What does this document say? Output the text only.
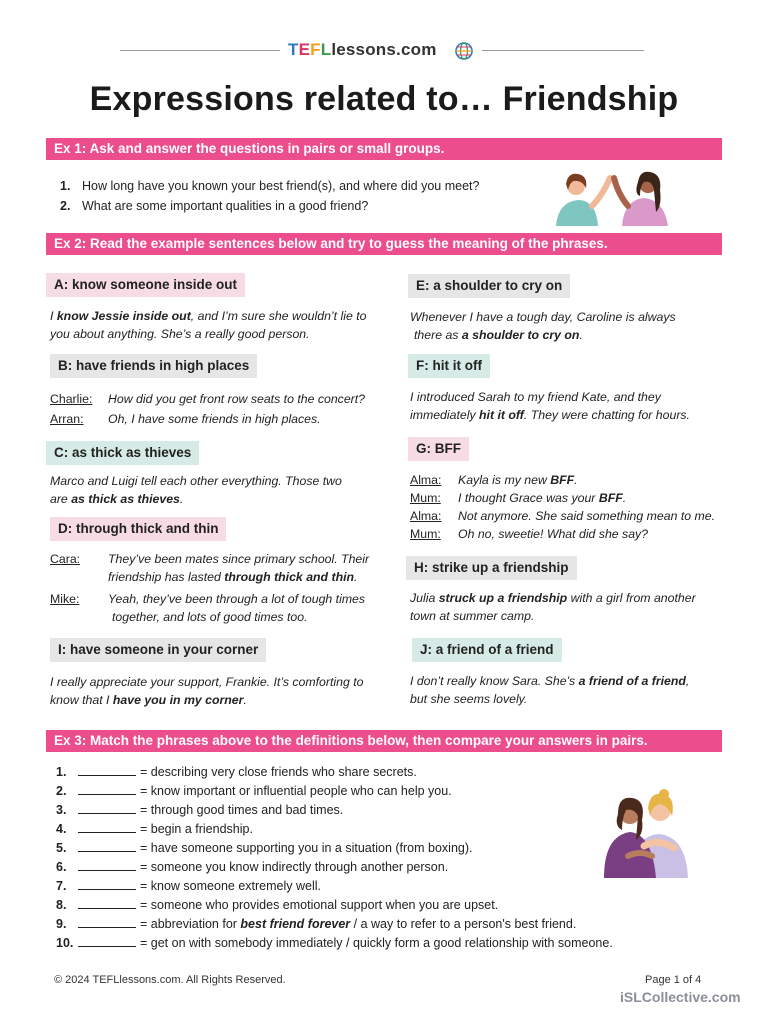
TEFLlessons.com
Expressions related to… Friendship
Ex 1: Ask and answer the questions in pairs or small groups.
1. How long have you known your best friend(s), and where did you meet?
2. What are some important qualities in a good friend?
Ex 2: Read the example sentences below and try to guess the meaning of the phrases.
A: know someone inside out
I know Jessie inside out, and I’m sure she wouldn’t lie to
you about anything. She’s a really good person.
B: have friends in high places
Charlie: How did you get front row seats to the concert?
Arran: Oh, I have some friends in high places.
C: as thick as thieves
Marco and Luigi tell each other everything. Those two
are as thick as thieves.
D: through thick and thin
Cara: They’ve been mates since primary school. Their
friendship has lasted through thick and thin.
Mike: Yeah, they’ve been through a lot of tough times
together, and lots of good times too.
I: have someone in your corner
I really appreciate your support, Frankie. It’s comforting to
know that I have you in my corner.
E: a shoulder to cry on
Whenever I have a tough day, Caroline is always
there as a shoulder to cry on.
F: hit it off
I introduced Sarah to my friend Kate, and they
immediately hit it off. They were chatting for hours.
G: BFF
Alma: Kayla is my new BFF.
Mum: I thought Grace was your BFF.
Alma: Not anymore. She said something mean to me.
Mum: Oh no, sweetie! What did she say?
H: strike up a friendship
Julia struck up a friendship with a girl from another
town at summer camp.
J: a friend of a friend
I don’t really know Sara. She’s a friend of a friend,
but she seems lovely.
Ex 3: Match the phrases above to the definitions below, then compare your answers in pairs.
1.	= describing very close friends who share secrets.
2.	= know important or influential people who can help you.
3.	= through good times and bad times.
4.	= begin a friendship.
5.	= have someone supporting you in a situation (from boxing).
6.	= someone you know indirectly through another person.
7.	= know someone extremely well.
8.	= someone who provides emotional support when you are upset.
9.	= abbreviation for best friend forever / a way to refer to a person's best friend.
10.	= get on with somebody immediately / quickly form a good relationship with someone.
© 2024 TEFLlessons.com. All Rights Reserved.	Page 1 of 4
iSLCollective.com
